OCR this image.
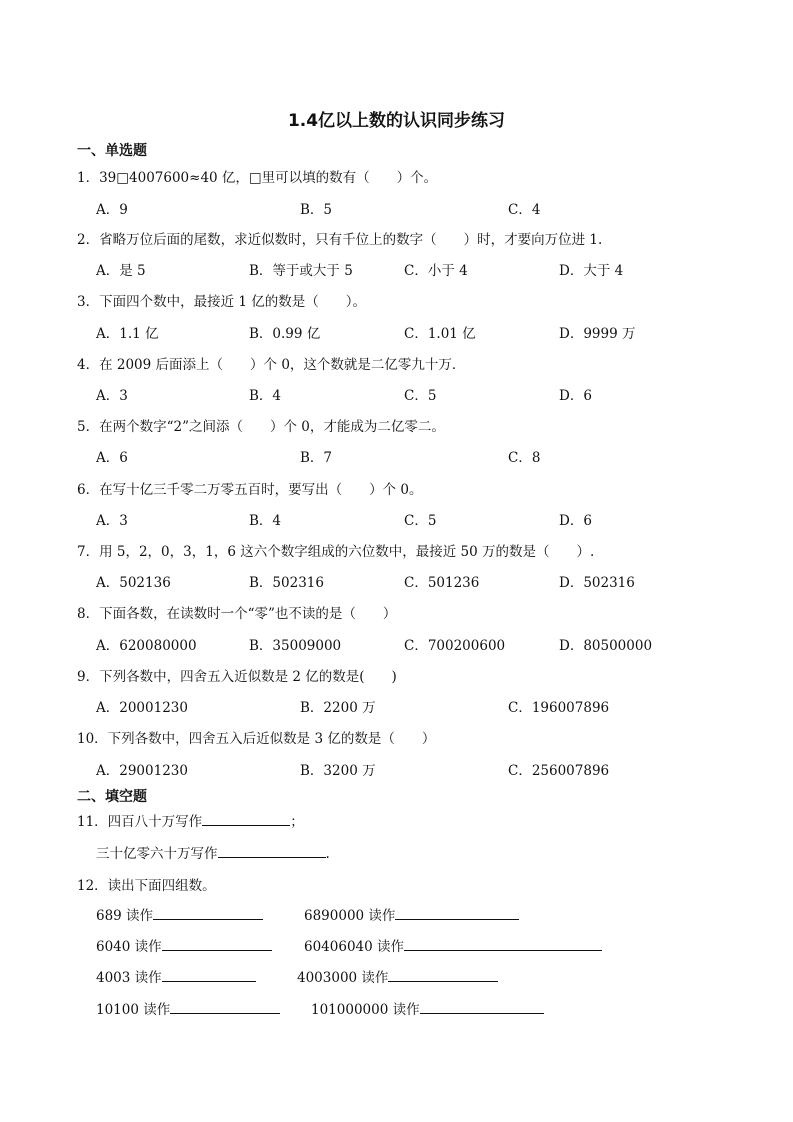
1.4亿以上数的认识同步练习
一、单选题
1．39□4007600≈40 亿，□里可以填的数有（　　）个。
A．9	B．5	C．4
2．省略万位后面的尾数，求近似数时，只有千位上的数字（　　）时，才要向万位进 1.
A．是 5	B．等于或大于 5	C．小于 4	D．大于 4
3．下面四个数中，最接近 1 亿的数是（　　）。
A．1.1 亿	B．0.99 亿	C．1.01 亿	D．9999 万
4．在 2009 后面添上（　　）个 0，这个数就是二亿零九十万．
A．3	B．4	C．5	D．6
5．在两个数字“2”之间添（　　）个 0，才能成为二亿零二。
A．6	B．7	C．8
6．在写十亿三千零二万零五百时，要写出（　　）个 0。
A．3	B．4	C．5	D．6
7．用 5，2，0，3，1，6 这六个数字组成的六位数中，最接近 50 万的数是（　　）.
A．502136	B．502316	C．501236	D．502316
8．下面各数，在读数时一个“零”也不读的是（　　）
A．620080000	B．35009000	C．700200600	D．80500000
9．下列各数中，四舍五入近似数是 2 亿的数是(　　)
A．20001230	B．2200 万	C．196007896
10．下列各数中，四舍五入后近似数是 3 亿的数是（　　）
A．29001230	B．3200 万	C．256007896
二、填空题
11．四百八十万写作	；
三十亿零六十万写作	.
12．读出下面四组数。
689 读作	6890000 读作
6040 读作	60406040 读作
4003 读作	4003000 读作
10100 读作	101000000 读作
